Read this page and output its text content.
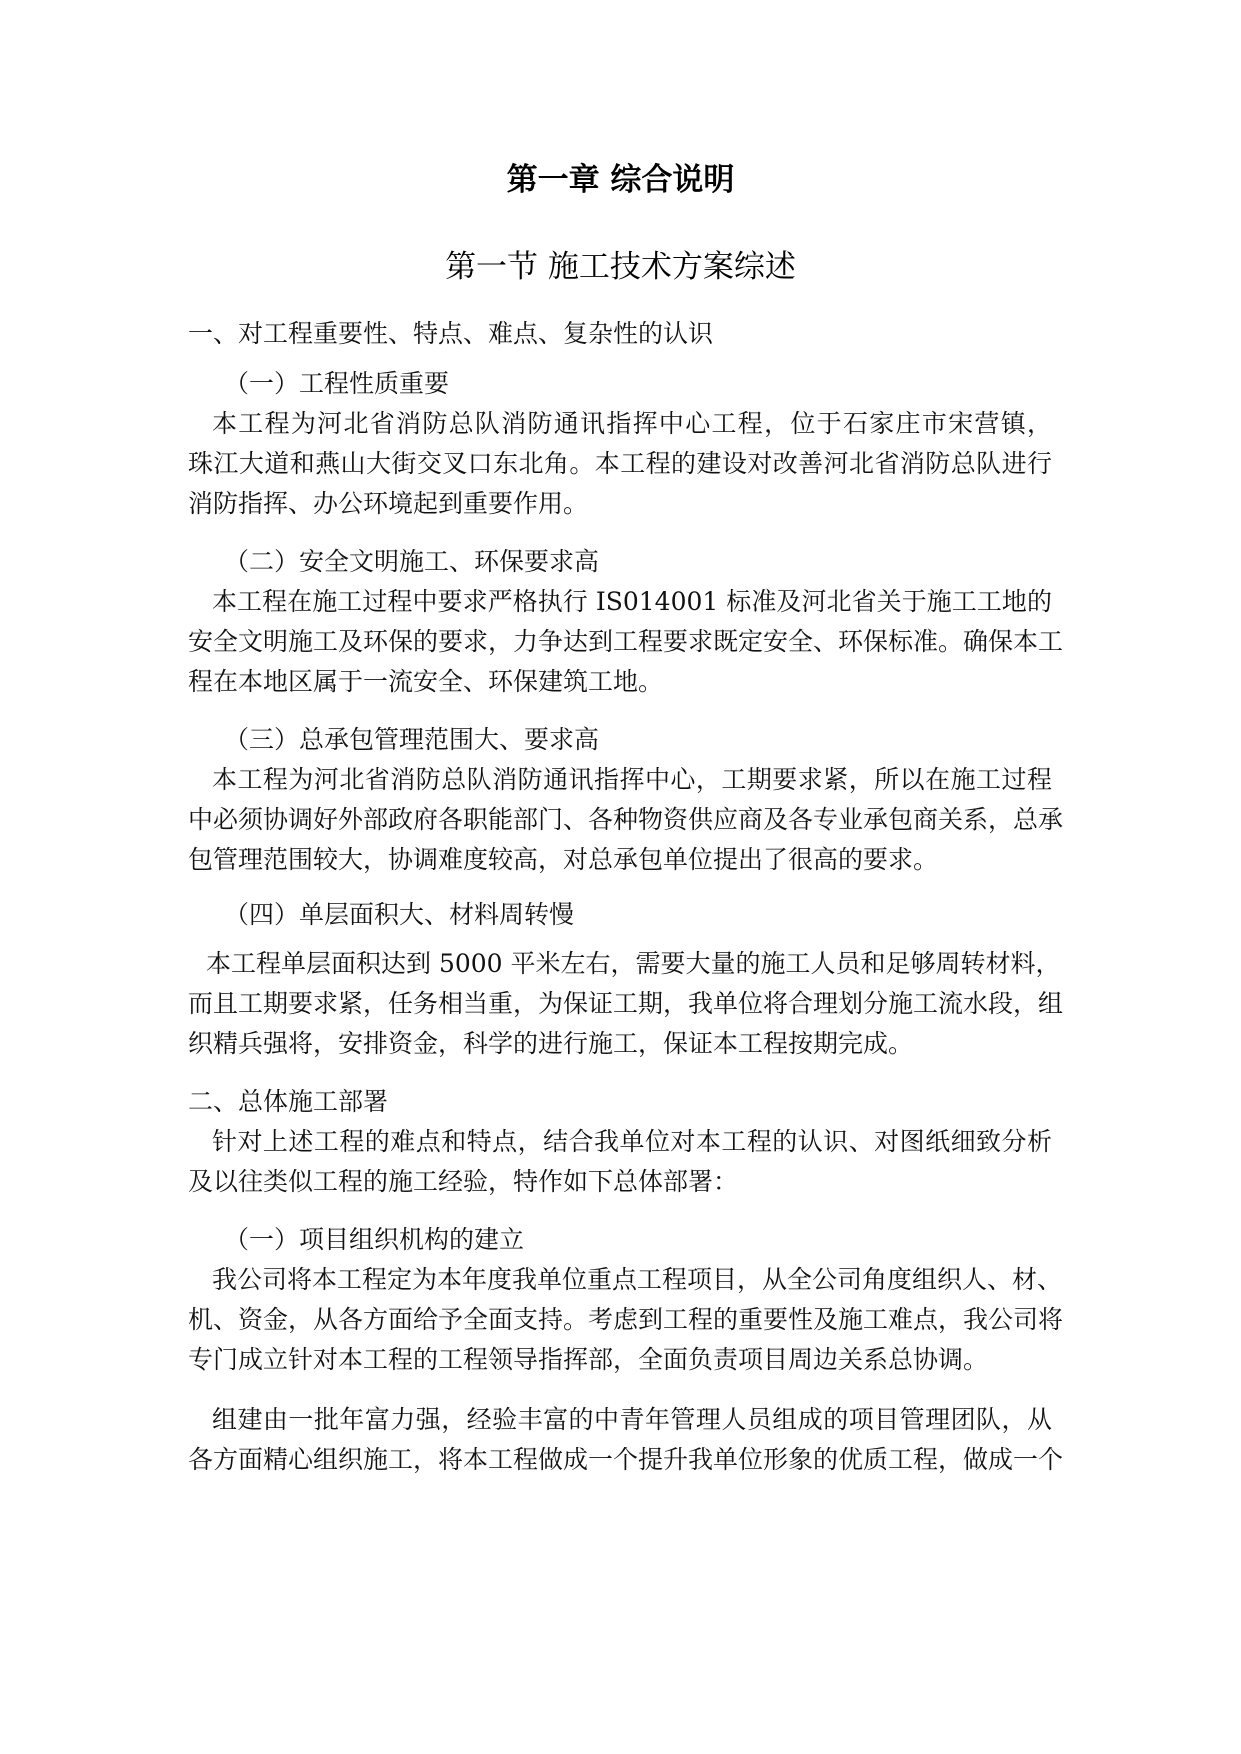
第一章 综合说明
第一节 施工技术方案综述
一、对工程重要性、特点、难点、复杂性的认识
（一）工程性质重要
本工程为河北省消防总队消防通讯指挥中心工程，位于石家庄市宋营镇，
珠江大道和燕山大街交叉口东北角。本工程的建设对改善河北省消防总队进行
消防指挥、办公环境起到重要作用。
（二）安全文明施工、环保要求高
本工程在施工过程中要求严格执行 IS014001 标准及河北省关于施工工地的
安全文明施工及环保的要求，力争达到工程要求既定安全、环保标准。确保本工
程在本地区属于一流安全、环保建筑工地。
（三）总承包管理范围大、要求高
本工程为河北省消防总队消防通讯指挥中心，工期要求紧，所以在施工过程
中必须协调好外部政府各职能部门、各种物资供应商及各专业承包商关系，总承
包管理范围较大，协调难度较高，对总承包单位提出了很高的要求。
（四）单层面积大、材料周转慢
本工程单层面积达到 5000 平米左右，需要大量的施工人员和足够周转材料，
而且工期要求紧，任务相当重，为保证工期，我单位将合理划分施工流水段，组
织精兵强将，安排资金，科学的进行施工，保证本工程按期完成。
二、总体施工部署
针对上述工程的难点和特点，结合我单位对本工程的认识、对图纸细致分析
及以往类似工程的施工经验，特作如下总体部署：
（一）项目组织机构的建立
我公司将本工程定为本年度我单位重点工程项目，从全公司角度组织人、材、
机、资金，从各方面给予全面支持。考虑到工程的重要性及施工难点，我公司将
专门成立针对本工程的工程领导指挥部，全面负责项目周边关系总协调。
组建由一批年富力强，经验丰富的中青年管理人员组成的项目管理团队，从
各方面精心组织施工，将本工程做成一个提升我单位形象的优质工程，做成一个
